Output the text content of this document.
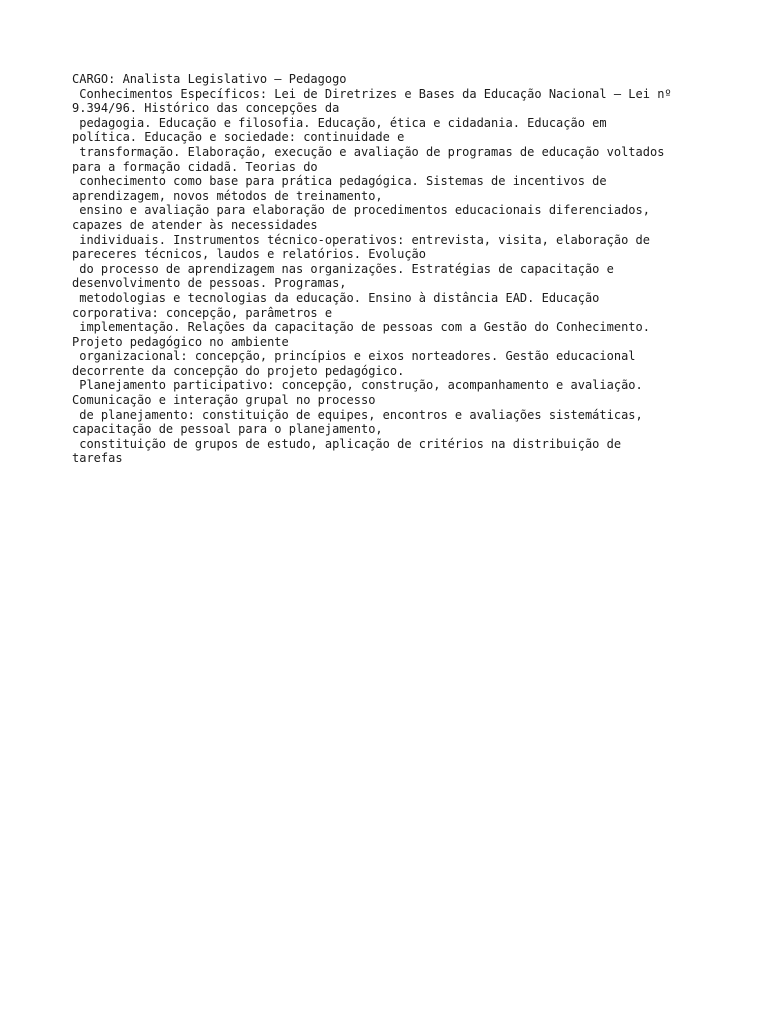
CARGO: Analista Legislativo – Pedagogo
Conhecimentos Específicos: Lei de Diretrizes e Bases da Educação Nacional – Lei nº
9.394/96. Histórico das concepções da
pedagogia. Educação e filosofia. Educação, ética e cidadania. Educação em
política. Educação e sociedade: continuidade e
transformação. Elaboração, execução e avaliação de programas de educação voltados
para a formação cidadã. Teorias do
conhecimento como base para prática pedagógica. Sistemas de incentivos de
aprendizagem, novos métodos de treinamento,
ensino e avaliação para elaboração de procedimentos educacionais diferenciados,
capazes de atender às necessidades
individuais. Instrumentos técnico-operativos: entrevista, visita, elaboração de
pareceres técnicos, laudos e relatórios. Evolução
do processo de aprendizagem nas organizações. Estratégias de capacitação e
desenvolvimento de pessoas. Programas,
metodologias e tecnologias da educação. Ensino à distância EAD. Educação
corporativa: concepção, parâmetros e
implementação. Relações da capacitação de pessoas com a Gestão do Conhecimento.
Projeto pedagógico no ambiente
organizacional: concepção, princípios e eixos norteadores. Gestão educacional
decorrente da concepção do projeto pedagógico.
Planejamento participativo: concepção, construção, acompanhamento e avaliação.
Comunicação e interação grupal no processo
de planejamento: constituição de equipes, encontros e avaliações sistemáticas,
capacitação de pessoal para o planejamento,
constituição de grupos de estudo, aplicação de critérios na distribuição de
tarefas
